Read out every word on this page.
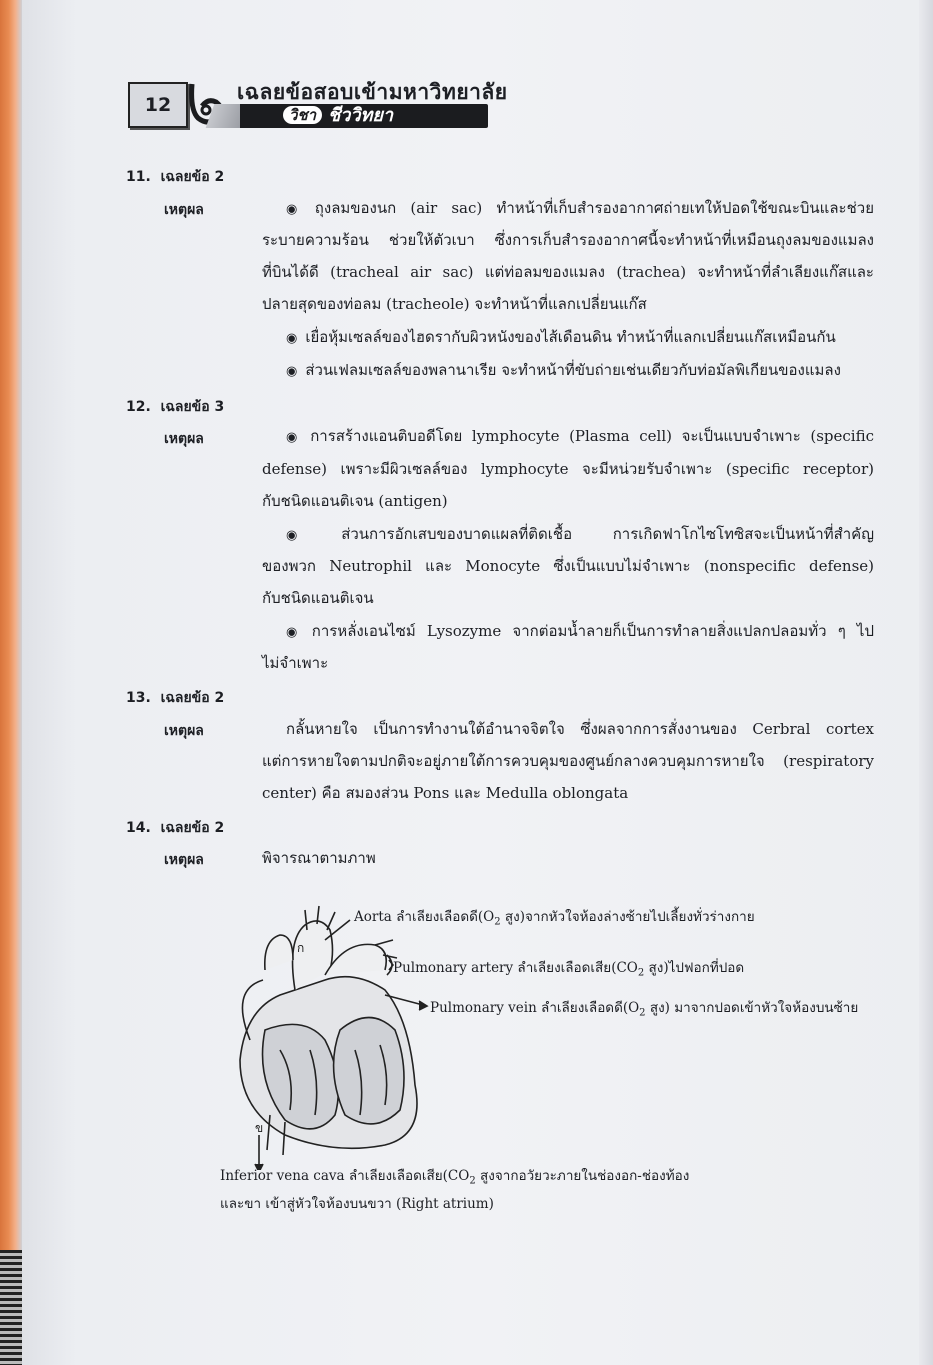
12
เฉลยข้อสอบเข้ามหาวิทยาลัย
วิชา ชีววิทยา
11. เฉลยข้อ 2
เหตุผล	◉ ถุงลมของนก (air sac) ทำหน้าที่เก็บสำรองอากาศถ่ายเทให้ปอดใช้ขณะบินและช่วย
ระบายความร้อน ช่วยให้ตัวเบา ซึ่งการเก็บสำรองอากาศนี้จะทำหน้าที่เหมือนถุงลมของแมลง
ที่บินได้ดี (tracheal air sac) แต่ท่อลมของแมลง (trachea) จะทำหน้าที่ลำเลียงแก๊สและ
ปลายสุดของท่อลม (tracheole) จะทำหน้าที่แลกเปลี่ยนแก๊ส
◉ เยื่อหุ้มเซลล์ของไฮดรากับผิวหนังของไส้เดือนดิน ทำหน้าที่แลกเปลี่ยนแก๊สเหมือนกัน
◉ ส่วนเฟลมเซลล์ของพลานาเรีย จะทำหน้าที่ขับถ่ายเช่นเดียวกับท่อมัลพิเกียนของแมลง
12. เฉลยข้อ 3
เหตุผล	◉ การสร้างแอนติบอดีโดย lymphocyte (Plasma cell) จะเป็นแบบจำเพาะ (specific
defense) เพราะมีผิวเซลล์ของ lymphocyte จะมีหน่วยรับจำเพาะ (specific receptor)
กับชนิดแอนติเจน (antigen)
◉ ส่วนการอักเสบของบาดแผลที่ติดเชื้อ การเกิดฟาโกไซโทซิสจะเป็นหน้าที่สำคัญ
ของพวก Neutrophil และ Monocyte ซึ่งเป็นแบบไม่จำเพาะ (nonspecific defense)
กับชนิดแอนติเจน
◉ การหลั่งเอนไซม์ Lysozyme จากต่อมน้ำลายก็เป็นการทำลายสิ่งแปลกปลอมทั่ว ๆ ไป
ไม่จำเพาะ
13. เฉลยข้อ 2
เหตุผล	กลั้นหายใจ เป็นการทำงานใต้อำนาจจิตใจ ซึ่งผลจากการสั่งงานของ Cerbral cortex
แต่การหายใจตามปกติจะอยู่ภายใต้การควบคุมของศูนย์กลางควบคุมการหายใจ (respiratory
center) คือ สมองส่วน Pons และ Medulla oblongata
14. เฉลยข้อ 2
เหตุผล	พิจารณาตามภาพ
ก
ข
Aorta ลำเลียงเลือดดี($O_2$ สูง)จากหัวใจห้องล่างซ้ายไปเลี้ยงทั่วร่างกาย
Pulmonary artery ลำเลียงเลือดเสีย($CO_2$ สูง)ไปฟอกที่ปอด
Pulmonary vein ลำเลียงเลือดดี($O_2$ สูง) มาจากปอดเข้าหัวใจห้องบนซ้าย
Inferior vena cava ลำเลียงเลือดเสีย($CO_2$ สูงจากอวัยวะภายในช่องอก-ช่องท้อง
และขา เข้าสู่หัวใจห้องบนขวา (Right atrium)
